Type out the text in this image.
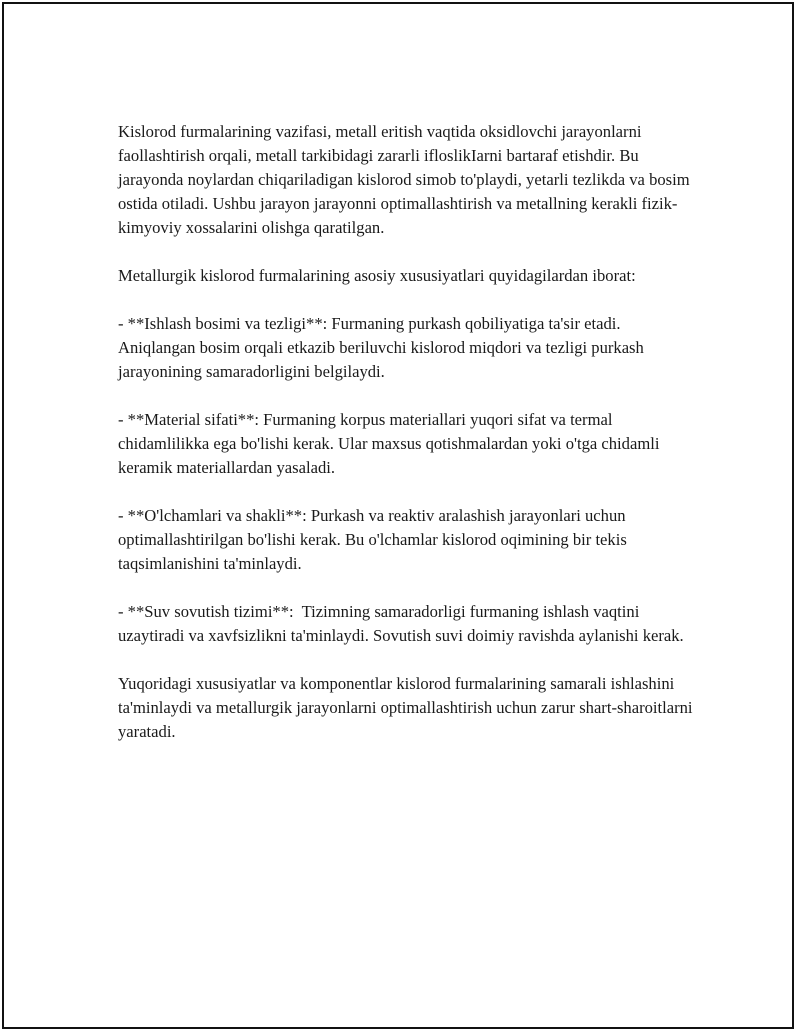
Kislorod furmalarining vazifasi, metall eritish vaqtida oksidlovchi jarayonlarni faollashtirish orqali, metall tarkibidagi zararli ifloslikIarni bartaraf etishdir. Bu jarayonda noylardan chiqariladigan kislorod simob to'playdi, yetarli tezlikda va bosim ostida otiladi. Ushbu jarayon jarayonni optimallashtirish va metallning kerakli fizik-kimyoviy xossalarini olishga qaratilgan.

Metallurgik kislorod furmalarining asosiy xususiyatlari quyidagilardan iborat:

- **Ishlash bosimi va tezligi**: Furmaning purkash qobiliyatiga ta'sir etadi. Aniqlangan bosim orqali etkazib beriluvchi kislorod miqdori va tezligi purkash jarayonining samaradorligini belgilaydi.

- **Material sifati**: Furmaning korpus materiallari yuqori sifat va termal chidamlilikka ega bo'lishi kerak. Ular maxsus qotishmalardan yoki o'tga chidamli keramik materiallardan yasaladi.

- **O'lchamlari va shakli**: Purkash va reaktiv aralashish jarayonlari uchun optimallashtirilgan bo'lishi kerak. Bu o'lchamlar kislorod oqimining bir tekis taqsimlanishini ta'minlaydi.

- **Suv sovutish tizimi**:  Tizimning samaradorligi furmaning ishlash vaqtini uzaytiradi va xavfsizlikni ta'minlaydi. Sovutish suvi doimiy ravishda aylanishi kerak.

Yuqoridagi xususiyatlar va komponentlar kislorod furmalarining samarali ishlashini ta'minlaydi va metallurgik jarayonlarni optimallashtirish uchun zarur shart-sharoitlarni yaratadi.
